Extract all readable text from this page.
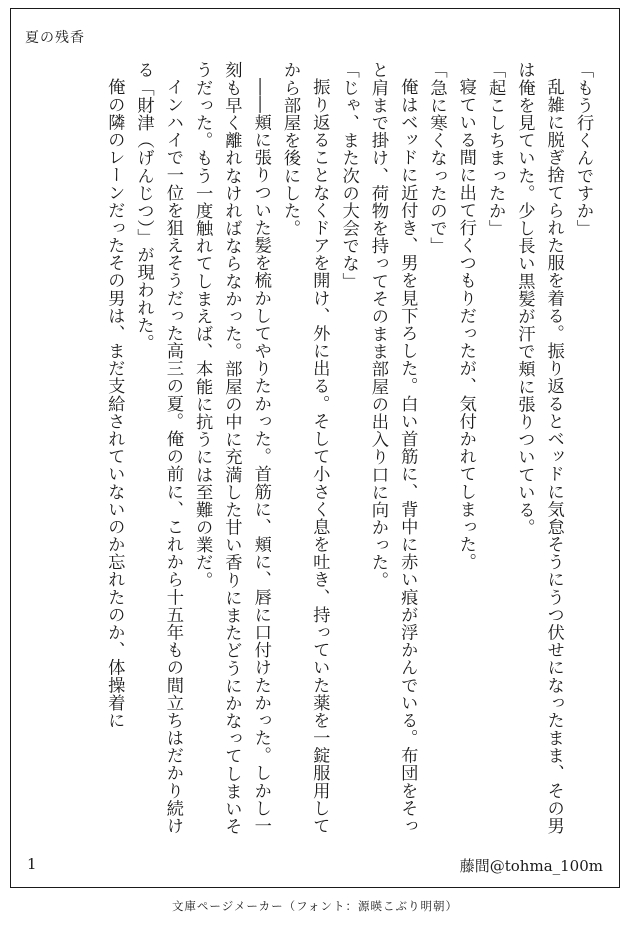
夏の残香

「もう行くんですか」

乱雑に脱ぎ捨てられた服を着る。振り返るとベッドに気怠そうにうつ伏せになったまま、その男は俺を見ていた。少し長い黒髪が汗で頬に張りついている。

「起こしちまったか」

寝ている間に出て行くつもりだったが、気付かれてしまった。

「急に寒くなったので」

俺はベッドに近付き、男を見下ろした。白い首筋に、背中に赤い痕が浮かんでいる。布団をそっと肩まで掛け、荷物を持ってそのまま部屋の出入り口に向かった。

「じゃ、また次の大会でな」

振り返ることなくドアを開け、外に出る。そして小さく息を吐き、持っていた薬を一錠服用してから部屋を後にした。

――頬に張りついた髪を梳かしてやりたかった。首筋に、頬に、唇に口付けたかった。しかし一刻も早く離れなければならなかった。部屋の中に充満した甘い香りにまたどうにかなってしまいそうだった。もう一度触れてしまえば、本能に抗うには至難の業だ。

インハイで一位を狙えそうだった高三の夏。俺の前に、これから十五年もの間立ちはだかり続ける「財津（げんじつ）」が現われた。

俺の隣のレーンだったその男は、まだ支給されていないのか忘れたのか、体操着に

1	藤間@tohma_100m
文庫ページメーカー（フォント：源暎こぶり明朝）
